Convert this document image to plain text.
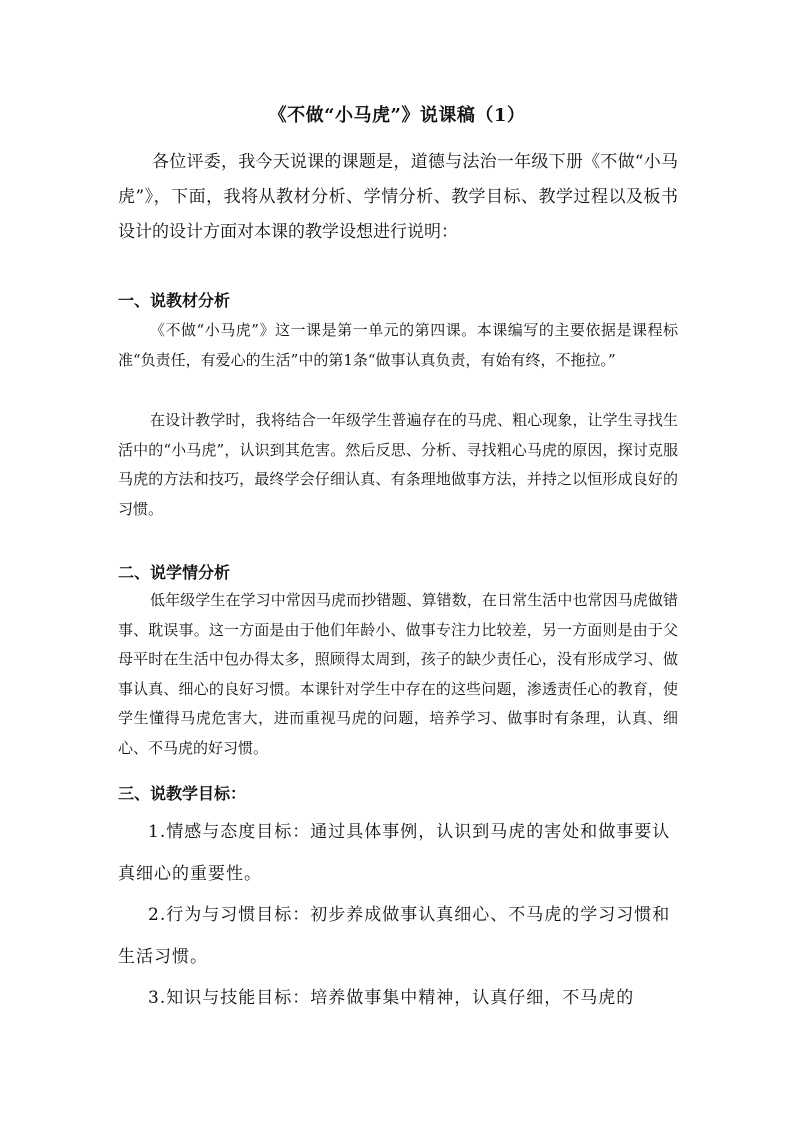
《不做“小马虎”》说课稿（1）
各位评委，我今天说课的课题是，道德与法治一年级下册《不做“小马虎”》，下面，我将从教材分析、学情分析、教学目标、教学过程以及板书设计的设计方面对本课的教学设想进行说明：
一、说教材分析
《不做“小马虎”》这一课是第一单元的第四课。本课编写的主要依据是课程标准“负责任，有爱心的生活”中的第1条“做事认真负责，有始有终，不拖拉。”
在设计教学时，我将结合一年级学生普遍存在的马虎、粗心现象，让学生寻找生活中的“小马虎”，认识到其危害。然后反思、分析、寻找粗心马虎的原因，探讨克服马虎的方法和技巧，最终学会仔细认真、有条理地做事方法，并持之以恒形成良好的习惯。
二、说学情分析
低年级学生在学习中常因马虎而抄错题、算错数，在日常生活中也常因马虎做错事、耽误事。这一方面是由于他们年龄小、做事专注力比较差，另一方面则是由于父母平时在生活中包办得太多，照顾得太周到，孩子的缺少责任心，没有形成学习、做事认真、细心的良好习惯。本课针对学生中存在的这些问题，渗透责任心的教育，使学生懂得马虎危害大，进而重视马虎的问题，培养学习、做事时有条理，认真、细心、不马虎的好习惯。
三、说教学目标：
1.情感与态度目标：通过具体事例，认识到马虎的害处和做事要认真细心的重要性。
2.行为与习惯目标：初步养成做事认真细心、不马虎的学习习惯和生活习惯。
3.知识与技能目标：培养做事集中精神，认真仔细，不马虎的
